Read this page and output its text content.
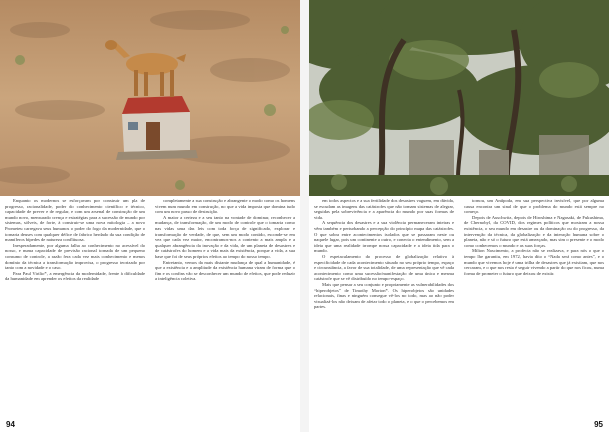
Enquanto os modernos se esforçavam por construir um pla de progresso, racionalidade, poder do conhecimento científico e técnico, capacidade de prever e de regular, e com um arsenal de construção de um mundo novo, mensurado crença e estratégias para a sucessão de mundo por sistemas, sólveis, de forte, à construir-se uma nova mitologia – a novo Prometeu carregava seus humanos o poder do fogo da modernidade, que o tornaria deuses com qualquer défice de fabrico herdado da sua condição de mamíferos bípedes de natureza conflituosa.

Inesperadamente, por alguma falha ao conhecimento no acessível do nosso, e numa capacidade de previsão racional tornada de um pequeno consumo de controle, a razão fera cada vez mais conhecimento e menos domínio da técnica a transformação improvisa, o progresso teorizado por tanto com a novidade e o caso.

Para Paul Virilio*, a emergência da modernidade, frente à dificuldade da humanidade em aprender os efeitos da realidade

completamente a sua construção e abrangente o modo como os homens vivem num mundo em construção, no que a vida imposta que domina tudo com um novo passo de destruição.

A maior a certeza e a seu tanto na vontade de dominar, reconhecer a mudança, de transformação, de um modo de controle que o tomaria como nas vidas uma das leis com toda força de significado, explorar e transformação de verdade, de que, sem um modo contido, esconde-se em vez que cada vez maior, encontramos-nos a contento a mais ampla e a qualquer abrangência da inovação e da vida, de um planeta de desastres e de catástrofes do homem e a vida mais da existência, porque a vida, a sua base que foi de seus próprios efeitos ao tempo do nosso tempo.

Entretanto, vemos da mais distante mudança de qual a humanidade, é que a existência e a amplitude da existência humana viram de forma que o fim e os confins vão se desconhecer um mundo de efeitos, que pode reduzir a inteligência coletiva.

94

em todos aspectos e a sua fertilidade dos desastres vaguem, em dúvida, se escudam as imagens das catástrofes que não tomam sistemas de alegrar, seguidas pela sobrevivência e a aparência do mundo por suas formas de vida.

A sequência dos desastres e a sua violência permaneceram inteiras e vêm também e perturbando a percepção do princípio mapa das catástrofes. O que sobra entre acontecimentos isolados que se passaram neste ou naquele lugar, pois um continente a outro, e conecta o entendimento, sem a ideia que uma realidade irrompe nossa capacidade e a ideia tida para o mundo.

O espetaculamento do processo de globalização relativo à especificidade de cada acontecimento situado no seu próprio tempo, espaço e circunstância, a favor de sua totalidade, de uma representação que vê cada acontecimento como uma sucessão/manifestação de uma única e mesma catástrofe que se vê distribuído no tempo-espaço.

Mais que pensar a seu conjunto e propriamente as vulnerabilidades dos “hiperobjetos” de Timothy Morton*. Os hiperobjetos são unidades relacionais, finas e ninguém consegue vê-los no todo, mas ao não poder visualizá-los não deixam de afetar todo o planeta, e o que o percebemos em partes.

tornou, um Antípoda, em sua perspectiva invisível, que por alguma causa encontra um sinal de que o problema do mundo está sempre no começo.

Depois de Auschwitz, depois de Hiroshima e Nagasaki, de Fukushima, de Chernobyl, da COVID, dos regimes políticos que mostram a nossa existência, o seu mundo em desastre ou da dominação ou do progresso, da intervenção da técnica, da globalização e da interação humana sobre o planeta, não e só o futuro que está ameaçado, mas sim o presente e o modo como conhecemos o mundo e as suas forças.

Milton Nascimento, a profecia não se realizava, e para nós o que o tempo lhe garantiu, em 1972, havia dito o “Nada será como antes”, e o mundo que vivemos hoje é uma trilha de desastres que já existiam, que nos cercaram, e o que nos resta é seguir vivendo a partir do que nos ficou, numa forma de prometer o futuro que deixou de existir.

95
